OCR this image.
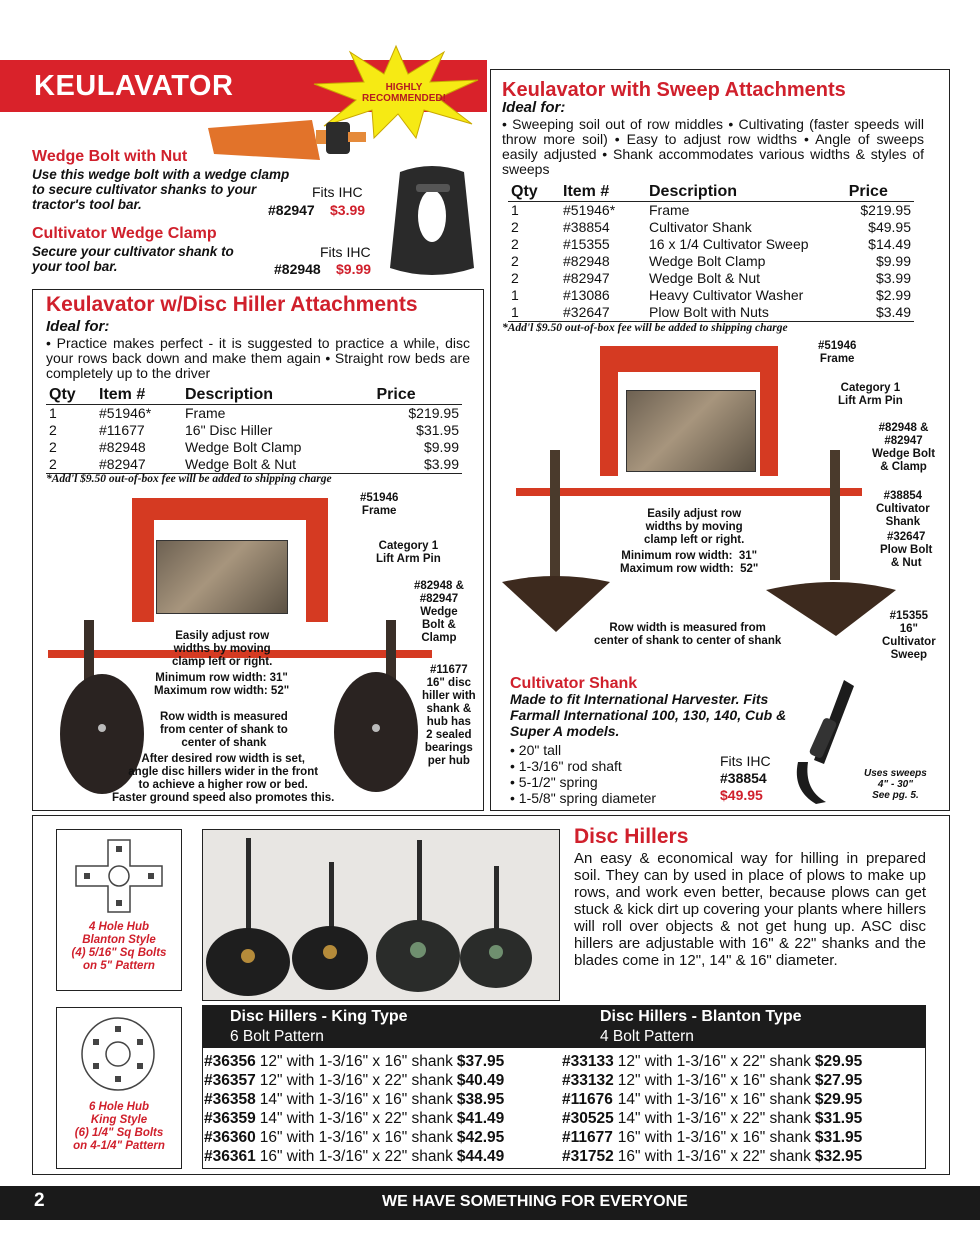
KEULAVATOR	HIGHLY RECOMMENDED!
Wedge Bolt with Nut
Use this wedge bolt with a wedge clamp to secure cultivator shanks to your tractor's tool bar.
Fits IHC
#82947 $3.99
Cultivator Wedge Clamp
Secure your cultivator shank to your tool bar.
Fits IHC
#82948 $9.99
Keulavator w/Disc Hiller Attachments
Ideal for:
• Practice makes perfect - it is suggested to practice a while, disc your rows back down and make them again • Straight row beds are completely up to the driver
Qty	Item #	Description	Price
1	#51946*	Frame	$219.95
2	#11677	16" Disc Hiller	$31.95
2	#82948	Wedge Bolt Clamp	$9.99
2	#82947	Wedge Bolt & Nut	$3.99
*Add'l $9.50 out-of-box fee will be added to shipping charge
#51946
Frame
Category 1
Lift Arm Pin
#82948 &
#82947
Wedge
Bolt &
Clamp
Easily adjust row
widths by moving
clamp left or right.
Minimum row width: 31"
Maximum row width: 52"
#11677
16" disc
hiller with
shank &
hub has
2 sealed
bearings
per hub
Row width is measured
from center of shank to
center of shank
After desired row width is set,
angle disc hillers wider in the front
to achieve a higher row or bed.
Faster ground speed also promotes this.
Keulavator with Sweep Attachments
Ideal for:
• Sweeping soil out of row middles • Cultivating (faster speeds will throw more soil) • Easy to adjust row widths • Angle of sweeps easily adjusted • Shank accommodates various widths & styles of sweeps
Qty	Item #	Description	Price
1	#51946*	Frame	$219.95
2	#38854	Cultivator Shank	$49.95
2	#15355	16 x 1/4 Cultivator Sweep	$14.49
2	#82948	Wedge Bolt Clamp	$9.99
2	#82947	Wedge Bolt & Nut	$3.99
1	#13086	Heavy Cultivator Washer	$2.99
1	#32647	Plow Bolt with Nuts	$3.49
*Add'l $9.50 out-of-box fee will be added to shipping charge
#51946
Frame
Category 1
Lift Arm Pin
#82948 &
#82947
Wedge Bolt
& Clamp
#38854
Cultivator
Shank
#32647
Plow Bolt
& Nut
Easily adjust row
widths by moving
clamp left or right.
Minimum row width:  31"
Maximum row width:  52"
Row width is measured from
center of shank to center of shank
#15355
16"
Cultivator
Sweep
Cultivator Shank
Made to fit International Harvester. Fits Farmall International 100, 130, 140, Cub & Super A models.
• 20" tall
• 1-3/16" rod shaft
• 5-1/2" spring
• 1-5/8" spring diameter
Fits IHC
#38854
$49.95
Uses sweeps
4" - 30"
See pg. 5.
4 Hole Hub
Blanton Style
(4) 5/16" Sq Bolts
on 5" Pattern
6 Hole Hub
King Style
(6) 1/4" Sq Bolts
on 4-1/4" Pattern
Disc Hillers
An easy & economical way for hilling in prepared soil. They can by used in place of plows to make up rows, and work even better, because plows can get stuck & kick dirt up covering your plants where hillers will roll over objects & not get hung up. ASC disc hillers are adjustable with 16" & 22" shanks and the blades come in 12", 14" & 16" diameter.
Disc Hillers - King Type
6 Bolt Pattern
Disc Hillers - Blanton Type
4 Bolt Pattern
#36356	12" with 1-3/16" x 16" shank	$37.95
#36357	12" with 1-3/16" x 22" shank	$40.49
#36358	14" with 1-3/16" x 16" shank	$38.95
#36359	14" with 1-3/16" x 22" shank	$41.49
#36360	16" with 1-3/16" x 16" shank	$42.95
#36361	16" with 1-3/16" x 22" shank	$44.49
#33133	12" with 1-3/16" x 22" shank	$29.95
#33132	12" with 1-3/16" x 16" shank	$27.95
#11676	14" with 1-3/16" x 16" shank	$29.95
#30525	14" with 1-3/16" x 22" shank	$31.95
#11677	16" with 1-3/16" x 16" shank	$31.95
#31752	16" with 1-3/16" x 22" shank	$32.95
2	WE HAVE SOMETHING FOR EVERYONE
